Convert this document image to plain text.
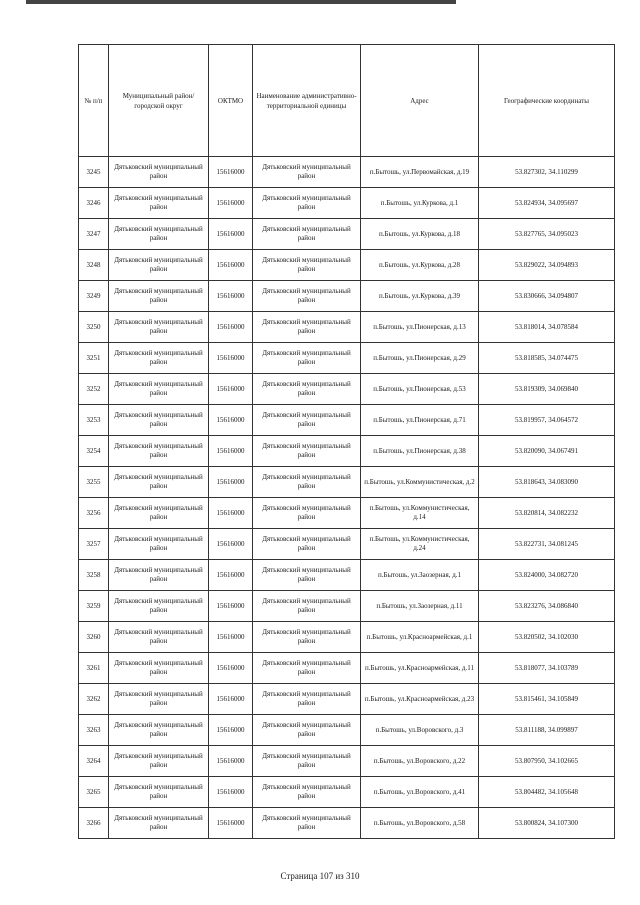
№ п/п	Муниципальный район/городской округ	ОКТМО	Наименование административно-территориальной единицы	Адрес	Географические координаты
3245	Дятьковский муниципальный район	15616000	Дятьковский муниципальный район	п.Бытошь, ул.Первомайская, д.19	53.827302, 34.110299
3246	Дятьковский муниципальный район	15616000	Дятьковский муниципальный район	п.Бытошь, ул.Куркова, д.1	53.824934, 34.095697
3247	Дятьковский муниципальный район	15616000	Дятьковский муниципальный район	п.Бытошь, ул.Куркова, д.18	53.827765, 34.095023
3248	Дятьковский муниципальный район	15616000	Дятьковский муниципальный район	п.Бытошь, ул.Куркова, д.28	53.829022, 34.094893
3249	Дятьковский муниципальный район	15616000	Дятьковский муниципальный район	п.Бытошь, ул.Куркова, д.39	53.830666, 34.094807
3250	Дятьковский муниципальный район	15616000	Дятьковский муниципальный район	п.Бытошь, ул.Пионерская, д.13	53.818014, 34.078584
3251	Дятьковский муниципальный район	15616000	Дятьковский муниципальный район	п.Бытошь, ул.Пионерская, д.29	53.818585, 34.074475
3252	Дятьковский муниципальный район	15616000	Дятьковский муниципальный район	п.Бытошь, ул.Пионерская, д.53	53.819309, 34.069840
3253	Дятьковский муниципальный район	15616000	Дятьковский муниципальный район	п.Бытошь, ул.Пионерская, д.71	53.819957, 34.064572
3254	Дятьковский муниципальный район	15616000	Дятьковский муниципальный район	п.Бытошь, ул.Пионерская, д.38	53.820090, 34.067491
3255	Дятьковский муниципальный район	15616000	Дятьковский муниципальный район	п.Бытошь, ул.Коммунистическая, д.2	53.818643, 34.083090
3256	Дятьковский муниципальный район	15616000	Дятьковский муниципальный район	п.Бытошь, ул.Коммунистическая, д.14	53.820814, 34.082232
3257	Дятьковский муниципальный район	15616000	Дятьковский муниципальный район	п.Бытошь, ул.Коммунистическая, д.24	53.822731, 34.081245
3258	Дятьковский муниципальный район	15616000	Дятьковский муниципальный район	п.Бытошь, ул.Заозерная, д.1	53.824000, 34.082720
3259	Дятьковский муниципальный район	15616000	Дятьковский муниципальный район	п.Бытошь, ул.Заозерная, д.11	53.823276, 34.086840
3260	Дятьковский муниципальный район	15616000	Дятьковский муниципальный район	п.Бытошь, ул.Красноармейская, д.1	53.820502, 34.102030
3261	Дятьковский муниципальный район	15616000	Дятьковский муниципальный район	п.Бытошь, ул.Красноармейская, д.11	53.818077, 34.103789
3262	Дятьковский муниципальный район	15616000	Дятьковский муниципальный район	п.Бытошь, ул.Красноармейская, д.23	53.815461, 34.105849
3263	Дятьковский муниципальный район	15616000	Дятьковский муниципальный район	п.Бытошь, ул.Воровского, д.3	53.811188, 34.099897
3264	Дятьковский муниципальный район	15616000	Дятьковский муниципальный район	п.Бытошь, ул.Воровского, д.22	53.807950, 34.102665
3265	Дятьковский муниципальный район	15616000	Дятьковский муниципальный район	п.Бытошь, ул.Воровского, д.41	53.804482, 34.105648
3266	Дятьковский муниципальный район	15616000	Дятьковский муниципальный район	п.Бытошь, ул.Воровского, д.58	53.800824, 34.107300
Страница 107 из 310
